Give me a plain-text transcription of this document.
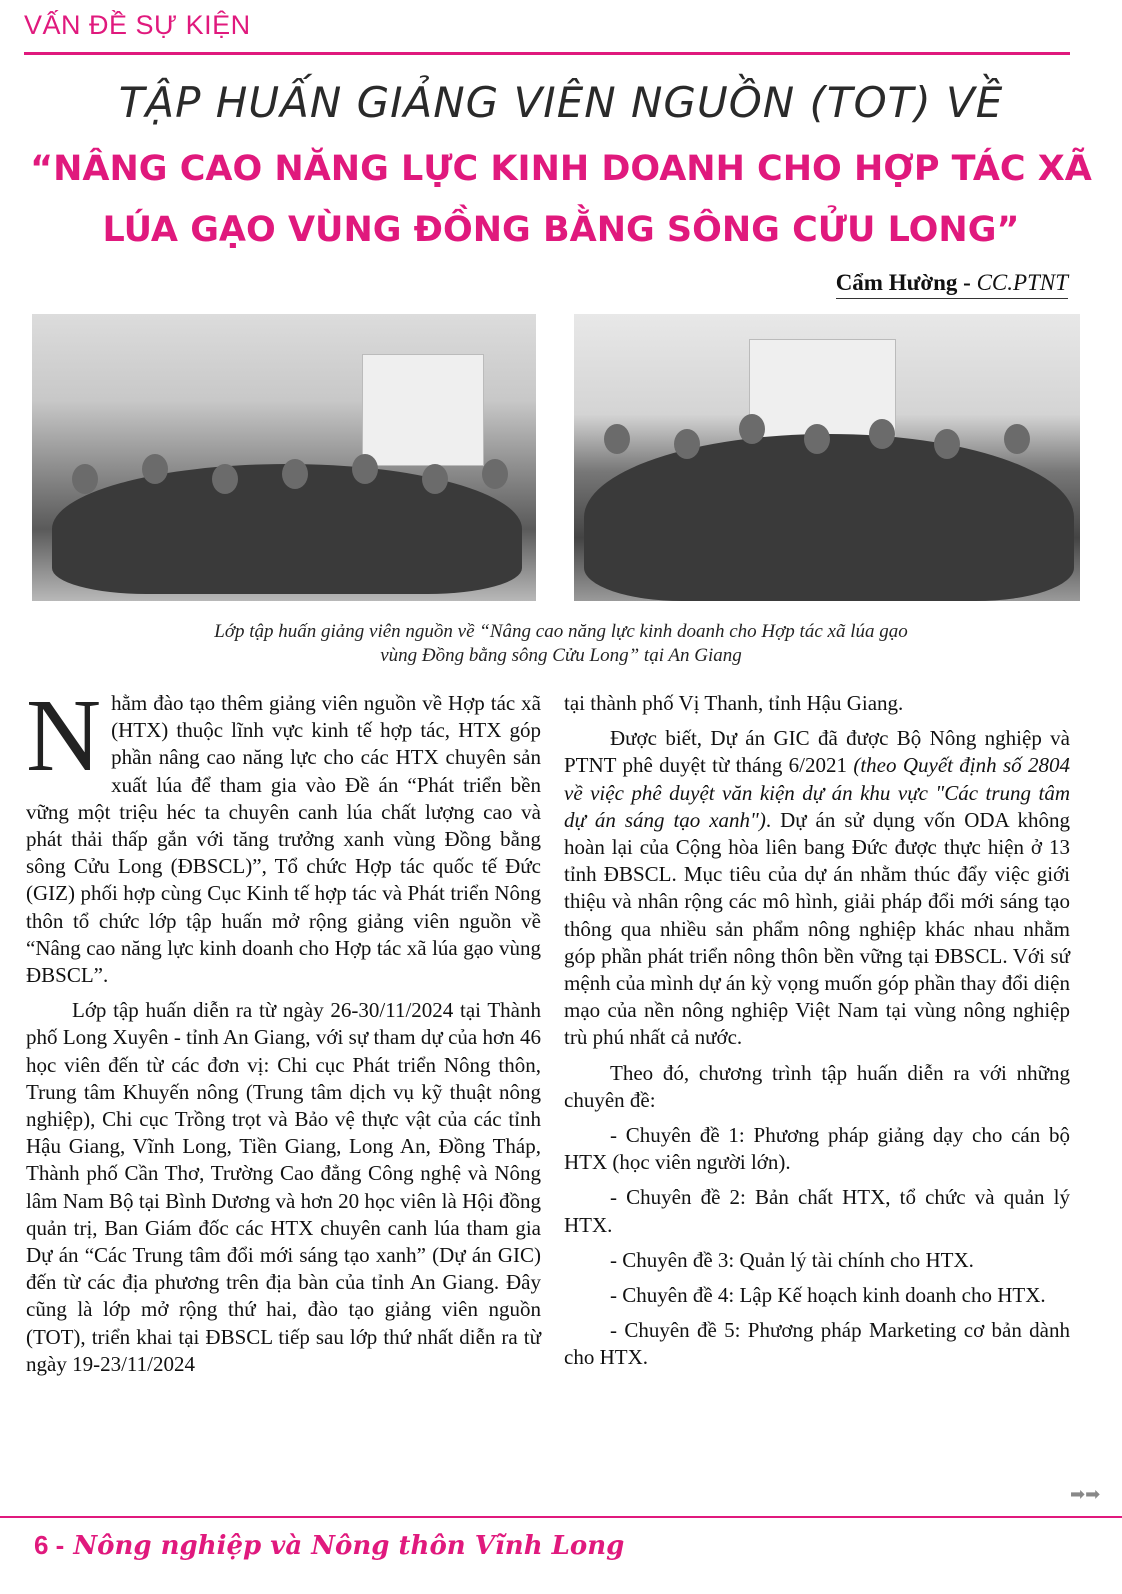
VẤN ĐỀ SỰ KIỆN
TẬP HUẤN GIẢNG VIÊN NGUỒN (TOT) VỀ
“NÂNG CAO NĂNG LỰC KINH DOANH CHO HỢP TÁC XÃ
LÚA GẠO VÙNG ĐỒNG BẰNG SÔNG CỬU LONG”
Cẩm Hường - CC.PTNT
Lớp tập huấn giảng viên nguồn về “Nâng cao năng lực kinh doanh cho Hợp tác xã lúa gạo
vùng Đồng bằng sông Cửu Long” tại An Giang

Nhằm đào tạo thêm giảng viên nguồn về Hợp tác xã (HTX) thuộc lĩnh vực kinh tế hợp tác, HTX góp phần nâng cao năng lực cho các HTX chuyên sản xuất lúa để tham gia vào Đề án “Phát triển bền vững một triệu héc ta chuyên canh lúa chất lượng cao và phát thải thấp gắn với tăng trưởng xanh vùng Đồng bằng sông Cửu Long (ĐBSCL)”, Tổ chức Hợp tác quốc tế Đức (GIZ) phối hợp cùng Cục Kinh tế hợp tác và Phát triển Nông thôn tổ chức lớp tập huấn mở rộng giảng viên nguồn về “Nâng cao năng lực kinh doanh cho Hợp tác xã lúa gạo vùng ĐBSCL”.

Lớp tập huấn diễn ra từ ngày 26-30/11/2024 tại Thành phố Long Xuyên - tỉnh An Giang, với sự tham dự của hơn 46 học viên đến từ các đơn vị: Chi cục Phát triển Nông thôn, Trung tâm Khuyến nông (Trung tâm dịch vụ kỹ thuật nông nghiệp), Chi cục Trồng trọt và Bảo vệ thực vật của các tỉnh Hậu Giang, Vĩnh Long, Tiền Giang, Long An, Đồng Tháp, Thành phố Cần Thơ, Trường Cao đẳng Công nghệ và Nông lâm Nam Bộ tại Bình Dương và hơn 20 học viên là Hội đồng quản trị, Ban Giám đốc các HTX chuyên canh lúa tham gia Dự án “Các Trung tâm đổi mới sáng tạo xanh” (Dự án GIC) đến từ các địa phương trên địa bàn của tỉnh An Giang. Đây cũng là lớp mở rộng thứ hai, đào tạo giảng viên nguồn (TOT), triển khai tại ĐBSCL tiếp sau lớp thứ nhất diễn ra từ ngày 19-23/11/2024

tại thành phố Vị Thanh, tỉnh Hậu Giang.

Được biết, Dự án GIC đã được Bộ Nông nghiệp và PTNT phê duyệt từ tháng 6/2021 (theo Quyết định số 2804 về việc phê duyệt văn kiện dự án khu vực "Các trung tâm dự án sáng tạo xanh"). Dự án sử dụng vốn ODA không hoàn lại của Cộng hòa liên bang Đức được thực hiện ở 13 tỉnh ĐBSCL. Mục tiêu của dự án nhằm thúc đẩy việc giới thiệu và nhân rộng các mô hình, giải pháp đổi mới sáng tạo thông qua nhiều sản phẩm nông nghiệp khác nhau nhằm góp phần phát triển nông thôn bền vững tại ĐBSCL. Với sứ mệnh của mình dự án kỳ vọng muốn góp phần thay đổi diện mạo của nền nông nghiệp Việt Nam tại vùng nông nghiệp trù phú nhất cả nước.

Theo đó, chương trình tập huấn diễn ra với những chuyên đề:

- Chuyên đề 1: Phương pháp giảng dạy cho cán bộ HTX (học viên người lớn).

- Chuyên đề 2: Bản chất HTX, tổ chức và quản lý HTX.

- Chuyên đề 3: Quản lý tài chính cho HTX.

- Chuyên đề 4: Lập Kế hoạch kinh doanh cho HTX.

- Chuyên đề 5: Phương pháp Marketing cơ bản dành cho HTX.

➡➡
6 - Nông nghiệp và Nông thôn Vĩnh Long
